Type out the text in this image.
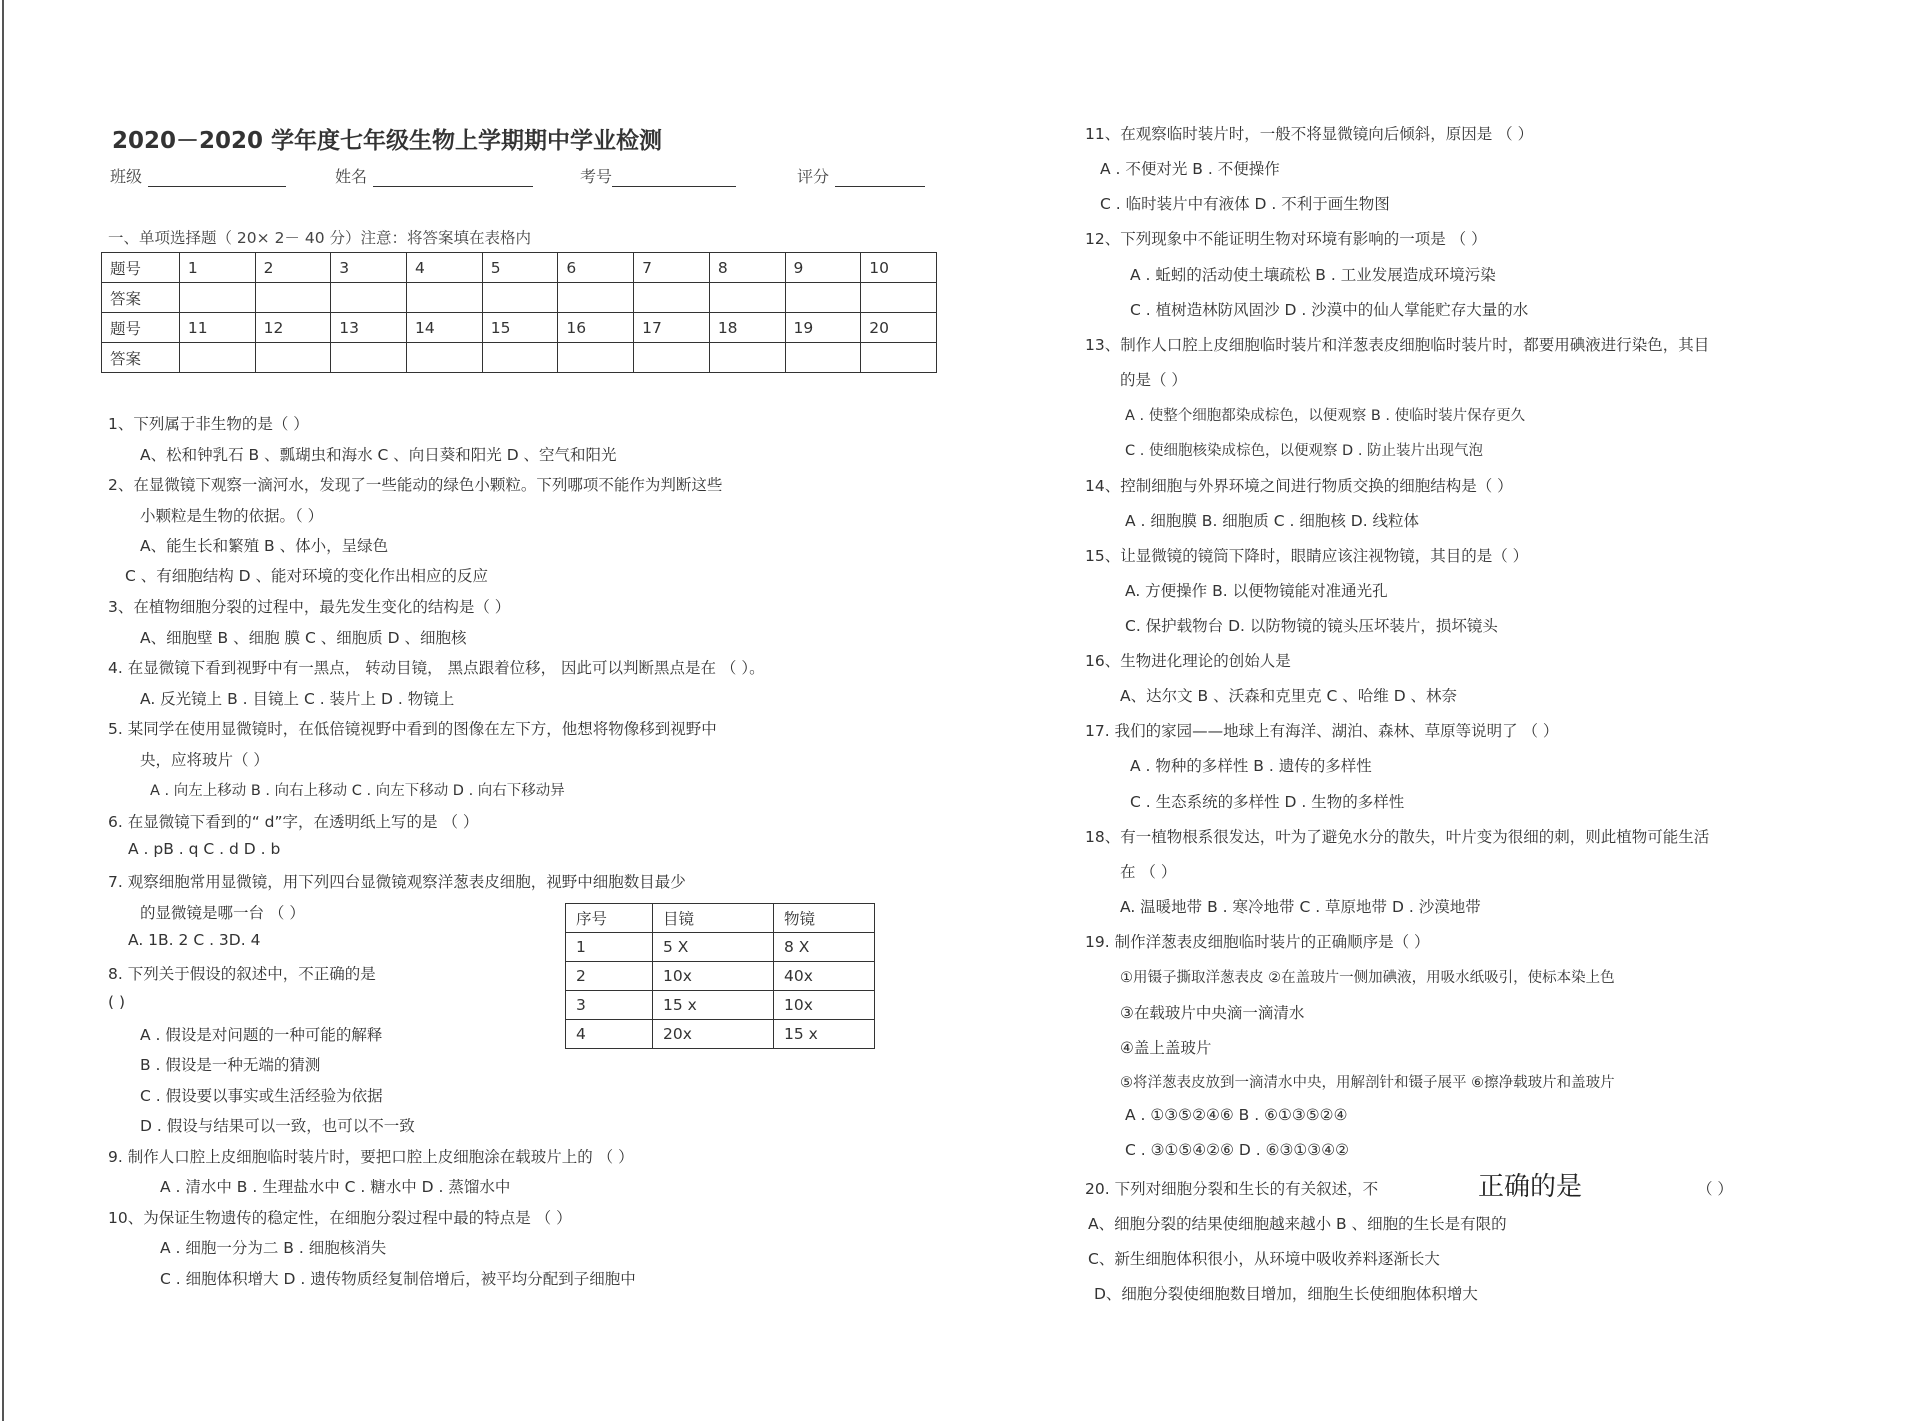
2020－2020 学年度七年级生物上学期期中学业检测
班级	姓名	考号	评分
一、单项选择题（ 20× 2－ 40 分）注意：将答案填在表格内
题号	1	2	3	4	5	6	7	8	9	10
答案										
题号	11	12	13	14	15	16	17	18	19	20
答案										
1、下列属于非生物的是（ ）
A、松和钟乳石 B 、瓢瑚虫和海水 C 、向日葵和阳光 D 、空气和阳光
2、在显微镜下观察一滴河水，发现了一些能动的绿色小颗粒。下列哪项不能作为判断这些
小颗粒是生物的依据。（ ）
A、能生长和繁殖 B 、体小，呈绿色
C 、有细胞结构 D 、能对环境的变化作出相应的反应
3、在植物细胞分裂的过程中，最先发生变化的结构是（ ）
A、细胞壁 B 、细胞 膜 C 、细胞质 D 、细胞核
4. 在显微镜下看到视野中有一黑点， 转动目镜， 黑点跟着位移， 因此可以判断黑点是在 （ ）。
A. 反光镜上 B . 目镜上 C . 装片上 D . 物镜上
5. 某同学在使用显微镜时，在低倍镜视野中看到的图像在左下方，他想将物像移到视野中
央，应将玻片（ ）
A . 向左上移动 B . 向右上移动 C . 向左下移动 D . 向右下移动异
6. 在显微镜下看到的“ d”字，在透明纸上写的是 （ ）
A . pB . q C . d D . b
7. 观察细胞常用显微镜，用下列四台显微镜观察洋葱表皮细胞，视野中细胞数目最少
的显微镜是哪一台 （ ）
A. 1B. 2 C . 3D. 4
8. 下列关于假设的叙述中，不正确的是
( )
A . 假设是对问题的一种可能的解释
B . 假设是一种无端的猜测
C . 假设要以事实或生活经验为依据
D . 假设与结果可以一致，也可以不一致
9. 制作人口腔上皮细胞临时装片时，要把口腔上皮细胞涂在载玻片上的 （ ）
A . 清水中 B . 生理盐水中 C . 糖水中 D . 蒸馏水中
10、为保证生物遗传的稳定性，在细胞分裂过程中最的特点是 （ ）
A . 细胞一分为二 B . 细胞核消失
C . 细胞体积增大 D . 遗传物质经复制倍增后，被平均分配到子细胞中
序号	目镜	物镜
1	5 X	8 X
2	10x	40x
3	15 x	10x
4	20x	15 x
11、在观察临时装片时，一般不将显微镜向后倾斜，原因是 （ ）
A . 不便对光 B . 不便操作
C . 临时装片中有液体 D . 不利于画生物图
12、下列现象中不能证明生物对环境有影响的一项是 （ ）
A . 蚯蚓的活动使土壤疏松 B . 工业发展造成环境污染
C . 植树造林防风固沙 D . 沙漠中的仙人掌能贮存大量的水
13、制作人口腔上皮细胞临时装片和洋葱表皮细胞临时装片时，都要用碘液进行染色，其目
的是（ ）
A . 使整个细胞都染成棕色，以便观察 B . 使临时装片保存更久
C . 使细胞核染成棕色，以便观察 D . 防止装片出现气泡
14、控制细胞与外界环境之间进行物质交换的细胞结构是（ ）
A . 细胞膜 B. 细胞质 C . 细胞核 D. 线粒体
15、让显微镜的镜筒下降时，眼睛应该注视物镜，其目的是（ ）
A. 方便操作 B. 以便物镜能对准通光孔
C. 保护载物台 D. 以防物镜的镜头压坏装片，损坏镜头
16、生物进化理论的创始人是
A、达尔文 B 、沃森和克里克 C 、哈维 D 、林奈
17. 我们的家园——地球上有海洋、湖泊、森林、草原等说明了 （ ）
A . 物种的多样性 B . 遗传的多样性
C . 生态系统的多样性 D . 生物的多样性
18、有一植物根系很发达，叶为了避免水分的散失，叶片变为很细的刺，则此植物可能生活
在 （ ）
A. 温暖地带 B . 寒冷地带 C . 草原地带 D . 沙漠地带
19. 制作洋葱表皮细胞临时装片的正确顺序是（ ）
①用镊子撕取洋葱表皮 ②在盖玻片一侧加碘液，用吸水纸吸引，使标本染上色
③在载玻片中央滴一滴清水
④盖上盖玻片
⑤将洋葱表皮放到一滴清水中央，用解剖针和镊子展平 ⑥擦净载玻片和盖玻片
A . ①③⑤②④⑥ B . ⑥①③⑤②④
C . ③①⑤④②⑥ D . ⑥③①③④②
20. 下列对细胞分裂和生长的有关叙述，不	正确的是	（ ）
A、细胞分裂的结果使细胞越来越小 B 、细胞的生长是有限的
C、新生细胞体积很小，从环境中吸收养料逐渐长大
D、细胞分裂使细胞数目增加，细胞生长使细胞体积增大
